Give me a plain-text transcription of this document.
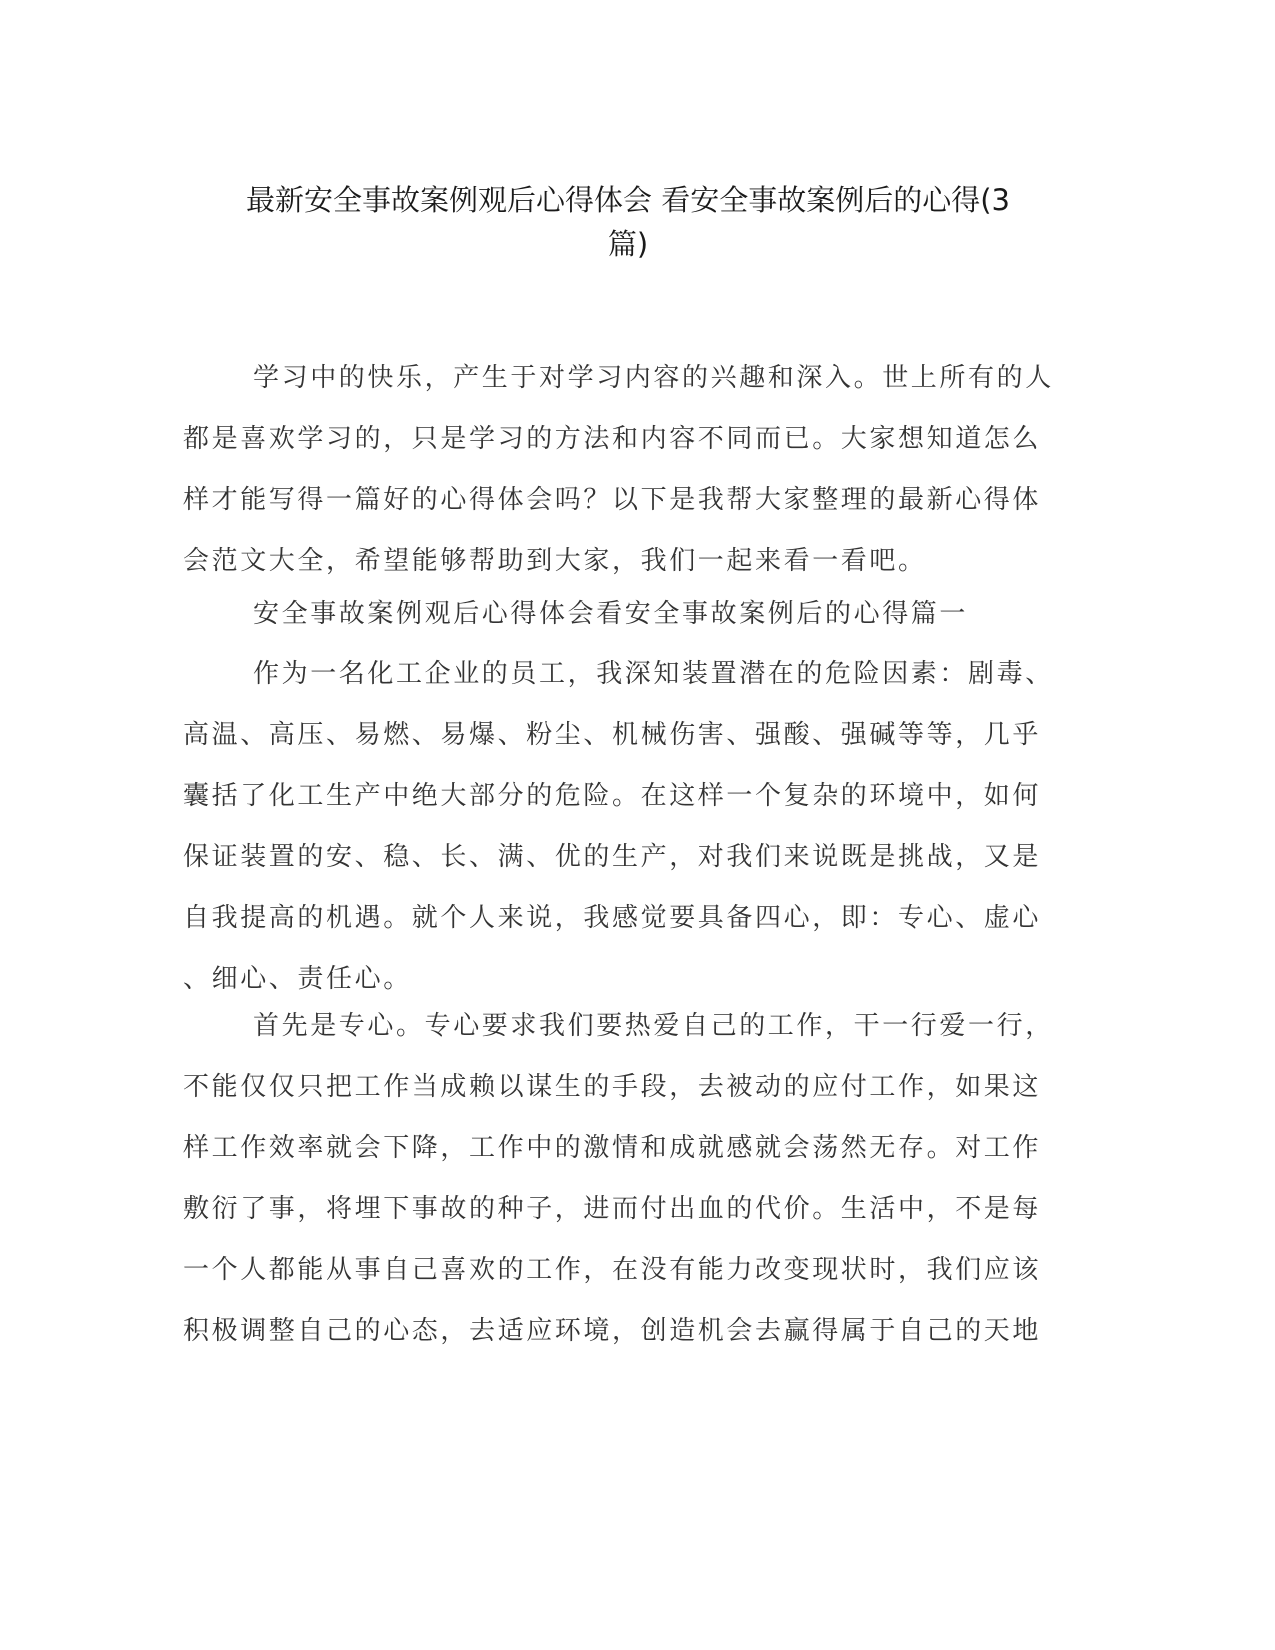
最新安全事故案例观后心得体会 看安全事故案例后的心得(3
篇)
学习中的快乐，产生于对学习内容的兴趣和深入。世上所有的人
都是喜欢学习的，只是学习的方法和内容不同而已。大家想知道怎么
样才能写得一篇好的心得体会吗？以下是我帮大家整理的最新心得体
会范文大全，希望能够帮助到大家，我们一起来看一看吧。
安全事故案例观后心得体会看安全事故案例后的心得篇一
作为一名化工企业的员工，我深知装置潜在的危险因素：剧毒、
高温、高压、易燃、易爆、粉尘、机械伤害、强酸、强碱等等，几乎
囊括了化工生产中绝大部分的危险。在这样一个复杂的环境中，如何
保证装置的安、稳、长、满、优的生产，对我们来说既是挑战，又是
自我提高的机遇。就个人来说，我感觉要具备四心，即：专心、虚心
、细心、责任心。
首先是专心。专心要求我们要热爱自己的工作，干一行爱一行，
不能仅仅只把工作当成赖以谋生的手段，去被动的应付工作，如果这
样工作效率就会下降，工作中的激情和成就感就会荡然无存。对工作
敷衍了事，将埋下事故的种子，进而付出血的代价。生活中，不是每
一个人都能从事自己喜欢的工作，在没有能力改变现状时，我们应该
积极调整自己的心态，去适应环境，创造机会去赢得属于自己的天地
